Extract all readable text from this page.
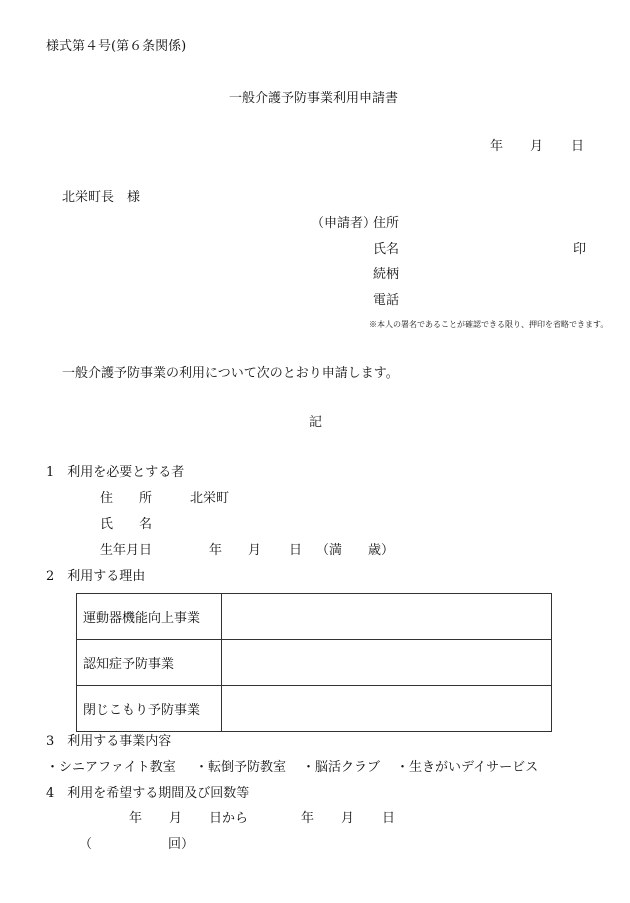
様式第４号(第６条関係)
一般介護予防事業利用申請書
年 月 日
北栄町長　様
（申請者）
住所
氏名	印
続柄
電話
※本人の署名であることが確認できる限り、押印を省略できます。
一般介護予防事業の利用について次のとおり申請します。
記
1　利用を必要とする者
住　　所	北栄町
氏　　名
生年月日	年 月 日 （満　　歳）
2　利用する理由
運動器機能向上事業	
認知症予防事業	
閉じこもり予防事業	
3　利用する事業内容
・シニアファイト教室 ・転倒予防教室 ・脳活クラブ ・生きがいデイサービス
4　利用を希望する期間及び回数等
年 月 日から	年 月 日
（	回）
